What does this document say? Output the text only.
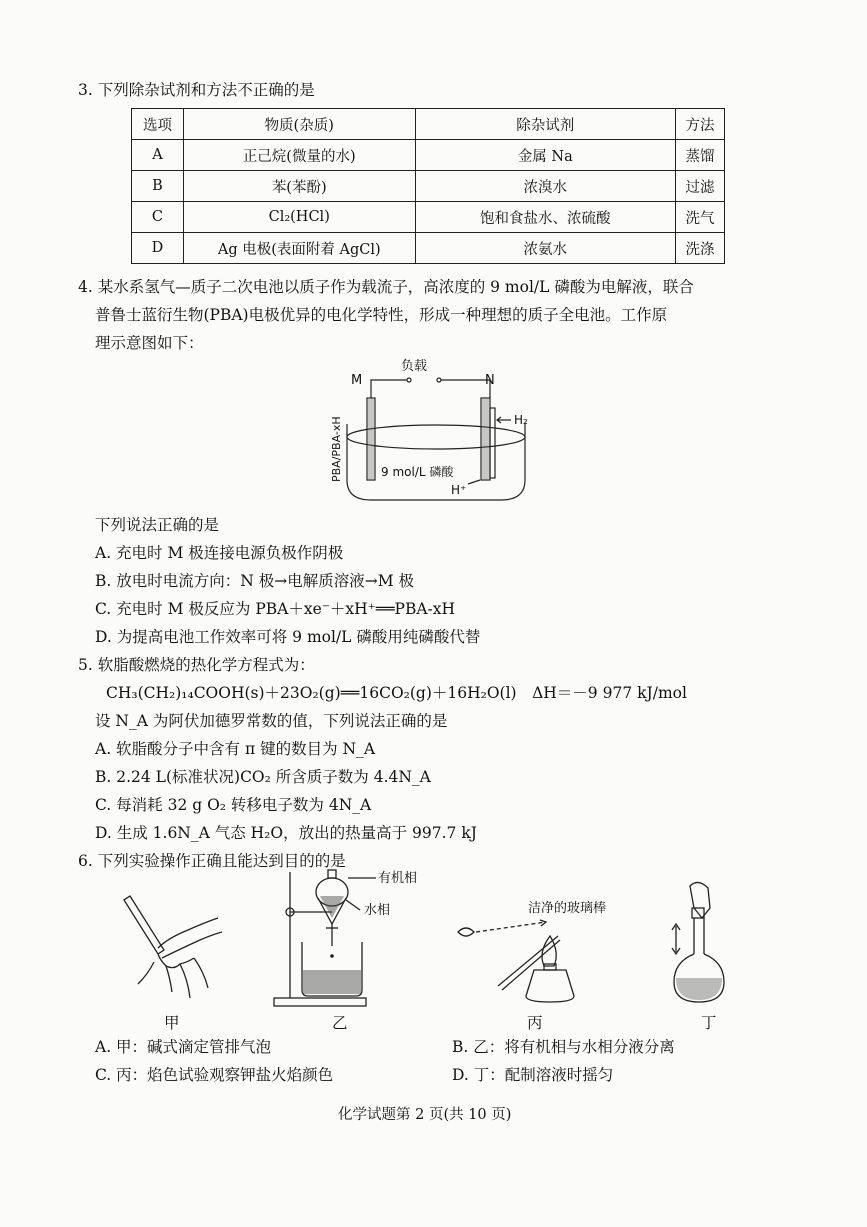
3. 下列除杂试剂和方法不正确的是
选项	物质(杂质)	除杂试剂	方法
A	正己烷(微量的水)	金属 Na	蒸馏
B	苯(苯酚)	浓溴水	过滤
C	Cl₂(HCl)	饱和食盐水、浓硫酸	洗气
D	Ag 电极(表面附着 AgCl)	浓氨水	洗涤
4. 某水系氢气—质子二次电池以质子作为载流子，高浓度的 9 mol/L 磷酸为电解液，联合
普鲁士蓝衍生物(PBA)电极优异的电化学特性，形成一种理想的质子全电池。工作原
理示意图如下：
负载
M	N
PBA/PBA-xH	H₂
9 mol/L 磷酸
H⁺
下列说法正确的是
A. 充电时 M 极连接电源负极作阴极
B. 放电时电流方向：N 极→电解质溶液→M 极
C. 充电时 M 极反应为 PBA＋xe⁻＋xH⁺══PBA-xH
D. 为提高电池工作效率可将 9 mol/L 磷酸用纯磷酸代替
5. 软脂酸燃烧的热化学方程式为：
CH₃(CH₂)₁₄COOH(s)＋23O₂(g)══16CO₂(g)＋16H₂O(l)　ΔH＝－9 977 kJ/mol
设 N_A 为阿伏加德罗常数的值，下列说法正确的是
A. 软脂酸分子中含有 π 键的数目为 N_A
B. 2.24 L(标准状况)CO₂ 所含质子数为 4.4N_A
C. 每消耗 32 g O₂ 转移电子数为 4N_A
D. 生成 1.6N_A 气态 H₂O，放出的热量高于 997.7 kJ
6. 下列实验操作正确且能达到目的的是
有机相
水相	洁净的玻璃棒
甲	乙	丙	丁
A. 甲：碱式滴定管排气泡	B. 乙：将有机相与水相分液分离
C. 丙：焰色试验观察钾盐火焰颜色	D. 丁：配制溶液时摇匀
化学试题第 2 页(共 10 页)
